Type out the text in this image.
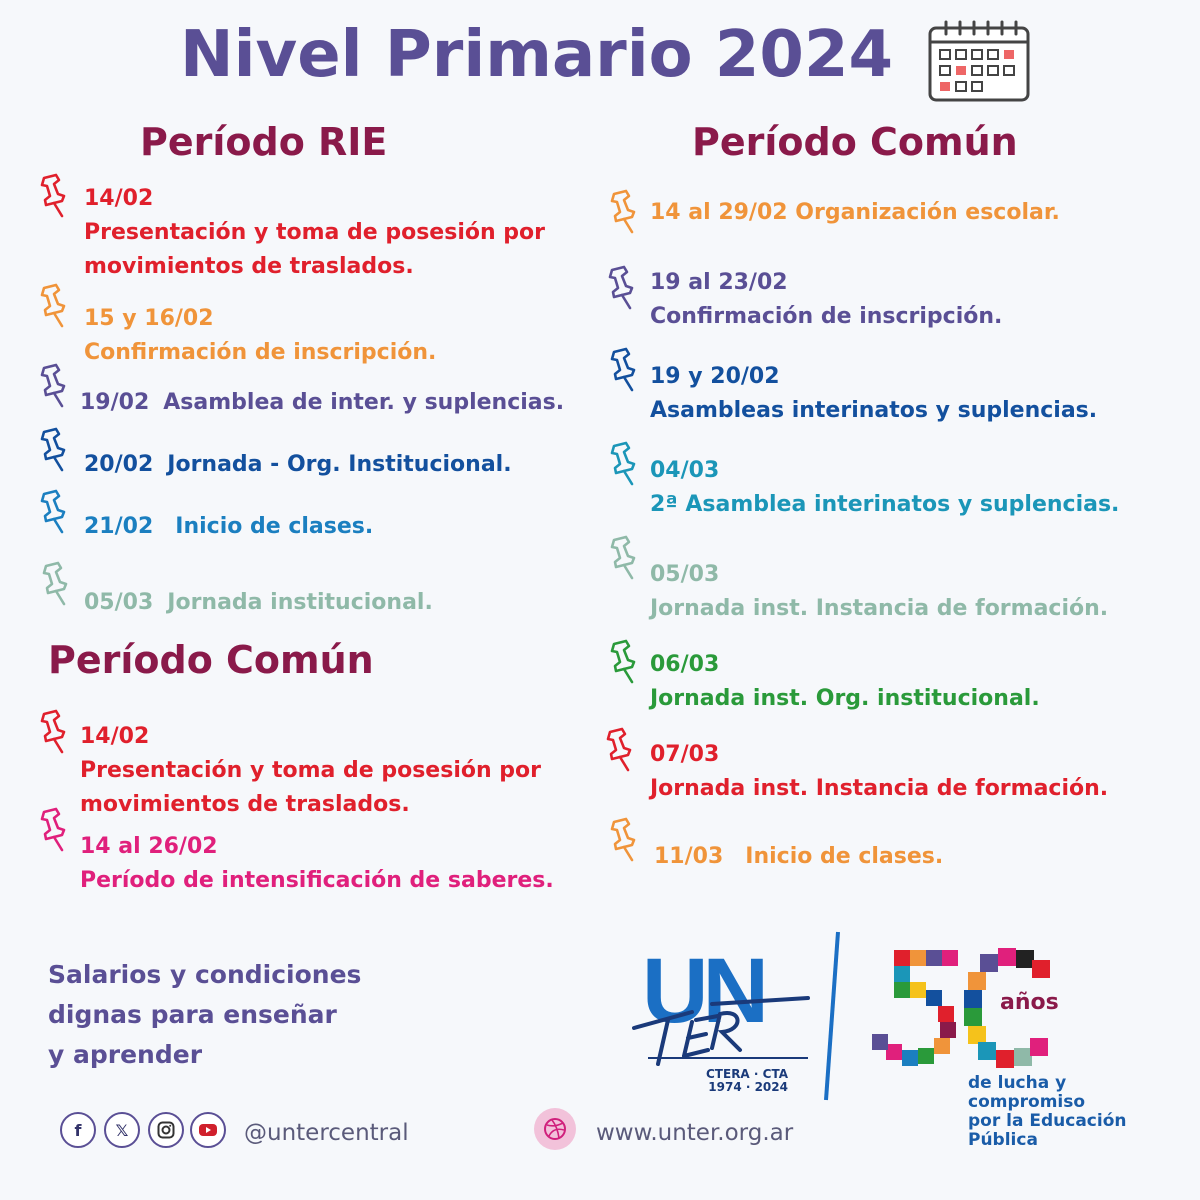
Nivel Primario 2024
Período RIE
14/02
Presentación y toma de posesión por
movimientos de traslados.
15 y 16/02
Confirmación de inscripción.
19/02 Asamblea de inter. y suplencias.
20/02 Jornada - Org. Institucional.
21/02 Inicio de clases.
05/03 Jornada institucional.
Período Común
14/02
Presentación y toma de posesión por
movimientos de traslados.
14 al 26/02
Período de intensificación de saberes.
Período Común
14 al 29/02 Organización escolar.
19 al 23/02
Confirmación de inscripción.
19 y 20/02
Asambleas interinatos y suplencias.
04/03
2ª Asamblea interinatos y suplencias.
05/03
Jornada inst. Instancia de formación.
06/03
Jornada inst. Org. institucional.
07/03
Jornada inst. Instancia de formación.
11/03 Inicio de clases.
Salarios y condiciones
dignas para enseñar
y aprender
UN
CTERA · CTA
1974 · 2024
años
de lucha y
compromiso
por la Educación
Pública
f	𝕏	@untercentral	www.unter.org.ar
